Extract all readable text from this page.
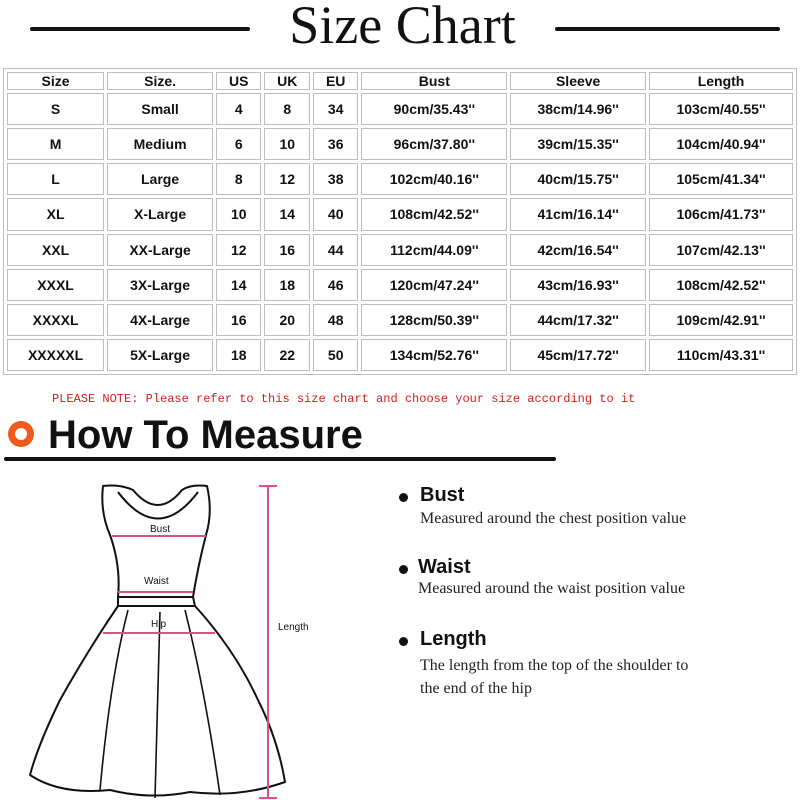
Size Chart
Size	Size.	US	UK	EU	Bust	Sleeve	Length
S	Small	4	8	34	90cm/35.43''	38cm/14.96''	103cm/40.55''
M	Medium	6	10	36	96cm/37.80''	39cm/15.35''	104cm/40.94''
L	Large	8	12	38	102cm/40.16''	40cm/15.75''	105cm/41.34''
XL	X-Large	10	14	40	108cm/42.52''	41cm/16.14''	106cm/41.73''
XXL	XX-Large	12	16	44	112cm/44.09''	42cm/16.54''	107cm/42.13''
XXXL	3X-Large	14	18	46	120cm/47.24''	43cm/16.93''	108cm/42.52''
XXXXL	4X-Large	16	20	48	128cm/50.39''	44cm/17.32''	109cm/42.91''
XXXXXL	5X-Large	18	22	50	134cm/52.76''	45cm/17.72''	110cm/43.31''
PLEASE NOTE: Please refer to this size chart and choose your size according to it
How To Measure
Bust
Waist
Hip	Length
Bust
Measured around the chest position value
Waist
Measured around the waist position value
Length
The length from the top of the shoulder to
the end of the hip
